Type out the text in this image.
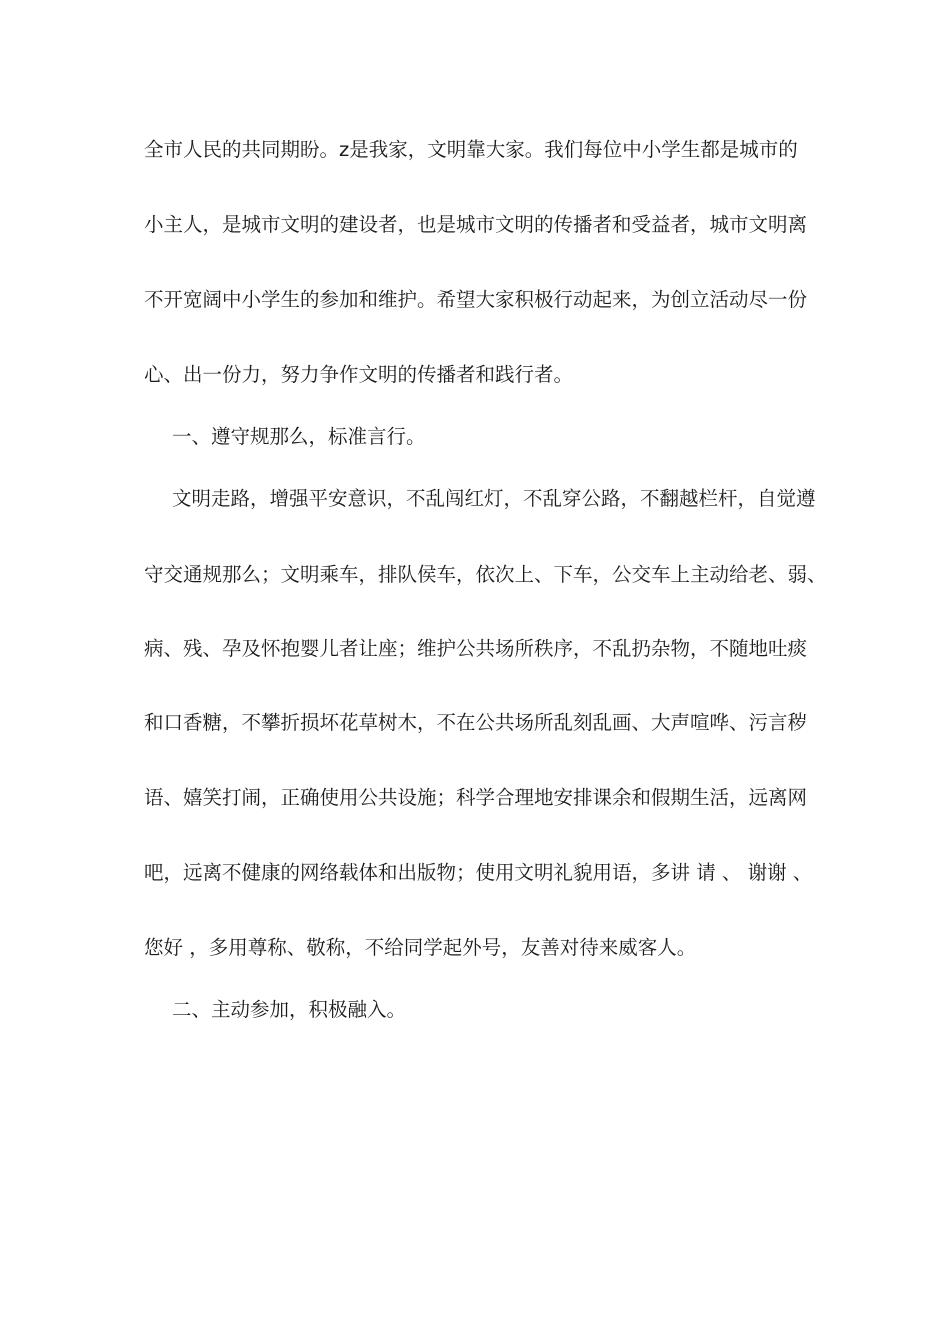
全市人民的共同期盼。z是我家，文明靠大家。我们每位中小学生都是城市的
小主人，是城市文明的建设者，也是城市文明的传播者和受益者，城市文明离
不开宽阔中小学生的参加和维护。希望大家积极行动起来，为创立活动尽一份
心、出一份力，努力争作文明的传播者和践行者。
一、遵守规那么，标准言行。
文明走路，增强平安意识，不乱闯红灯，不乱穿公路，不翻越栏杆，自觉遵
守交通规那么；文明乘车，排队侯车，依次上、下车，公交车上主动给老、弱、
病、残、孕及怀抱婴儿者让座；维护公共场所秩序，不乱扔杂物，不随地吐痰
和口香糖，不攀折损坏花草树木，不在公共场所乱刻乱画、大声喧哗、污言秽
语、嬉笑打闹，正确使用公共设施；科学合理地安排课余和假期生活，远离网
吧，远离不健康的网络载体和出版物；使用文明礼貌用语，多讲 请 、 谢谢 、
您好 ，多用尊称、敬称，不给同学起外号，友善对待来威客人。
二、主动参加，积极融入。
